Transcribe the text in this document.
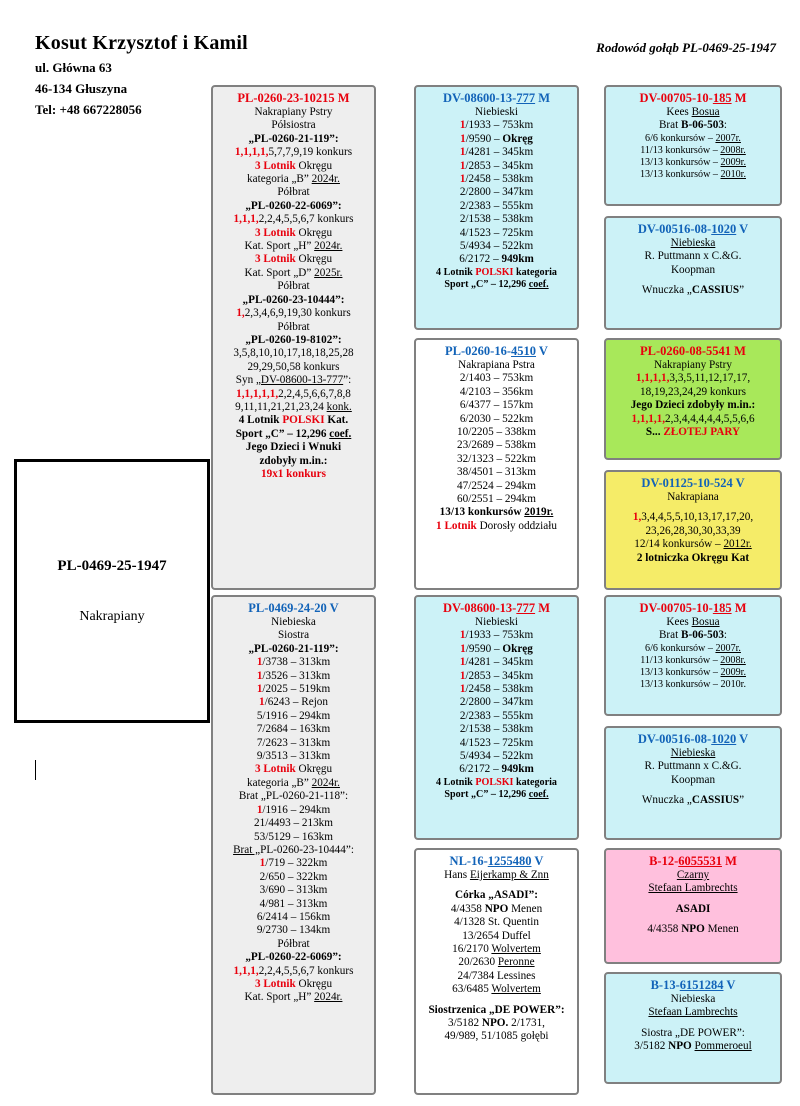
Kosut Krzysztof i Kamil
ul. Główna 63
46-134 Głuszyna
Tel: +48 667228056
Rodowód gołąb PL-0469-25-1947
PL-0469-25-1947
Nakrapiany
PL-0260-23-10215 M
Nakrapiany Pstry
Półsiostra
„PL-0260-21-119”:
1,1,1,1,5,7,7,9,19 konkurs
3 Lotnik Okręgu
kategoria „B” 2024r.
Półbrat
„PL-0260-22-6069”:
1,1,1,2,2,4,5,5,6,7 konkurs
3 Lotnik Okręgu
Kat. Sport „H” 2024r.
3 Lotnik Okręgu
Kat. Sport „D” 2025r.
Półbrat
„PL-0260-23-10444”:
1,2,3,4,6,9,19,30 konkurs
Półbrat
„PL-0260-19-8102”:
3,5,8,10,10,17,18,18,25,28
29,29,50,58 konkurs
Syn „DV-08600-13-777”:
1,1,1,1,1,2,2,4,5,6,6,7,8,8
9,11,11,21,21,23,24 konk.
4 Lotnik POLSKI Kat.
Sport „C” – 12,296 coef.
Jego Dzieci i Wnuki
zdobyły m.in.:
19x1 konkurs
PL-0469-24-20 V
Niebieska
Siostra
„PL-0260-21-119”:
1/3738 – 313km
1/3526 – 313km
1/2025 – 519km
1/6243 – Rejon
5/1916 – 294km
7/2684 – 163km
7/2623 – 313km
9/3513 – 313km
3 Lotnik Okręgu
kategoria „B” 2024r.
Brat „PL-0260-21-118”:
1/1916 – 294km
21/4493 – 213km
53/5129 – 163km
Brat „PL-0260-23-10444”:
1/719 – 322km
2/650 – 322km
3/690 – 313km
4/981 – 313km
6/2414 – 156km
9/2730 – 134km
Półbrat
„PL-0260-22-6069”:
1,1,1,2,2,4,5,5,6,7 konkurs
3 Lotnik Okręgu
Kat. Sport „H” 2024r.
DV-08600-13-777 M
Niebieski
1/1933 – 753km
1/9590 – Okręg
1/4281 – 345km
1/2853 – 345km
1/2458 – 538km
2/2800 – 347km
2/2383 – 555km
2/1538 – 538km
4/1523 – 725km
5/4934 – 522km
6/2172 – 949km
4 Lotnik POLSKI kategoria
Sport „C” – 12,296 coef.
PL-0260-16-4510 V
Nakrapiana Pstra
2/1403 – 753km
4/2103 – 356km
6/4377 – 157km
6/2030 – 522km
10/2205 – 338km
23/2689 – 538km
32/1323 – 522km
38/4501 – 313km
47/2524 – 294km
60/2551 – 294km
13/13 konkursów 2019r.
1 Lotnik Dorosły oddziału
DV-08600-13-777 M
Niebieski
1/1933 – 753km
1/9590 – Okręg
1/4281 – 345km
1/2853 – 345km
1/2458 – 538km
2/2800 – 347km
2/2383 – 555km
2/1538 – 538km
4/1523 – 725km
5/4934 – 522km
6/2172 – 949km
4 Lotnik POLSKI kategoria
Sport „C” – 12,296 coef.
NL-16-1255480 V
Hans Eijerkamp & Znn
Córka „ASADI”:
4/4358 NPO Menen
4/1328 St. Quentin
13/2654 Duffel
16/2170 Wolvertem
20/2630 Peronne
24/7384 Lessines
63/6485 Wolvertem
Siostrzenica „DE POWER”:
3/5182 NPO. 2/1731,
49/989, 51/1085 gołębi
DV-00705-10-185 M
Kees Bosua
Brat B-06-503:
6/6 konkursów – 2007r.
11/13 konkursów – 2008r.
13/13 konkursów – 2009r.
13/13 konkursów – 2010r.
DV-00516-08-1020 V
Niebieska
R. Puttmann x C.&G.
Koopman
Wnuczka „CASSIUS”
PL-0260-08-5541 M
Nakrapiany Pstry
1,1,1,1,3,3,5,11,12,17,17,
18,19,23,24,29 konkurs
Jego Dzieci zdobyły m.in.:
1,1,1,1,2,3,4,4,4,4,4,5,5,6,6
S... ZŁOTEJ PARY
DV-01125-10-524 V
Nakrapiana
1,3,4,4,5,5,10,13,17,17,20,
23,26,28,30,30,33,39
12/14 konkursów – 2012r.
2 lotniczka Okręgu Kat
DV-00705-10-185 M
Kees Bosua
Brat B-06-503:
6/6 konkursów – 2007r.
11/13 konkursów – 2008r.
13/13 konkursów – 2009r.
13/13 konkursów – 2010r.
DV-00516-08-1020 V
Niebieska
R. Puttmann x C.&G.
Koopman
Wnuczka „CASSIUS”
B-12-6055531 M
Czarny
Stefaan Lambrechts
ASADI
4/4358 NPO Menen
B-13-6151284 V
Niebieska
Stefaan Lambrechts
Siostra „DE POWER”:
3/5182 NPO Pommeroeul
